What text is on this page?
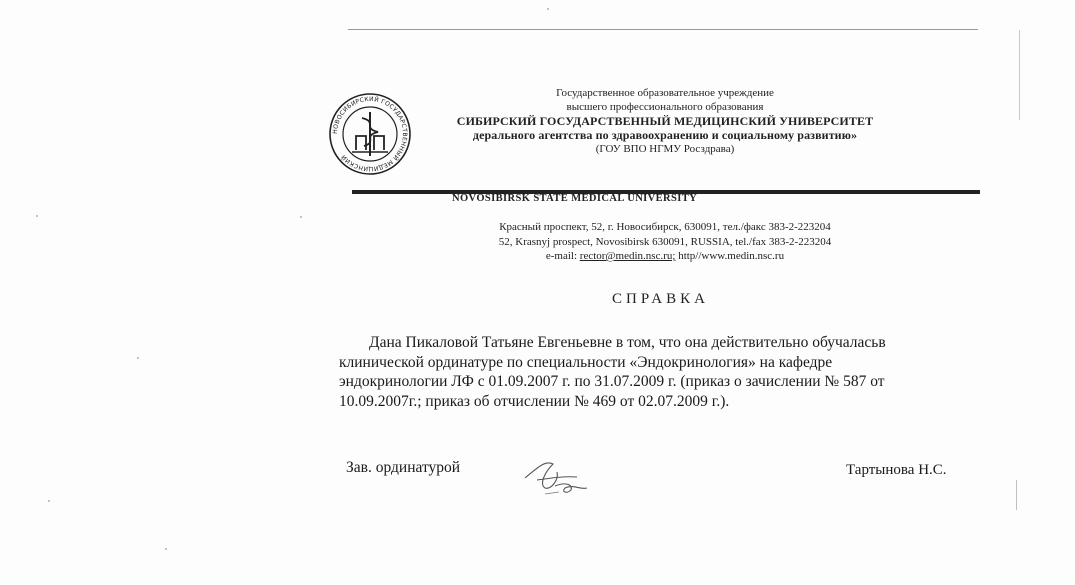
НОВОСИБИРСКИЙ ГОСУДАРСТВЕННЫЙ МЕДИЦИНСКИЙ
Государственное образовательное учреждение
высшего профессионального образования
СИБИРСКИЙ ГОСУДАРСТВЕННЫЙ МЕДИЦИНСКИЙ УНИВЕРСИТЕТ
дерального агентства по здравоохранению и социальному развитию»
(ГОУ ВПО НГМУ Росздрава)
NOVOSIBIRSK STATE MEDICAL UNIVERSITY
Красный проспект, 52, г. Новосибирск, 630091, тел./факс 383-2-223204
52, Krasnyj prospect, Novosibirsk 630091, RUSSIA, tel./fax 383-2-223204
e-mail: rector@medin.nsc.ru; http//www.medin.nsc.ru
СПРАВКА
Дана Пикаловой Татьяне Евгеньевне в том, что она действительно обучаласьв
клинической ординатуре по специальности «Эндокринология» на кафедре
эндокринологии ЛФ с 01.09.2007 г. по 31.07.2009 г. (приказ о зачислении № 587 от
10.09.2007г.; приказ об отчислении № 469 от 02.07.2009 г.).
Зав. ординатурой	Тартынова Н.С.
